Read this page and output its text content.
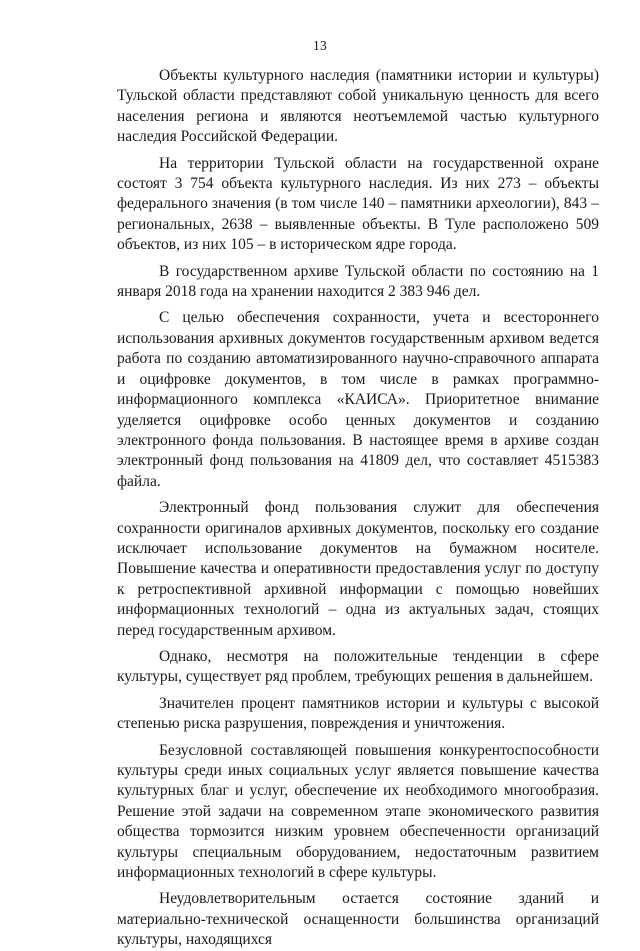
13

Объекты культурного наследия (памятники истории и культуры) Тульской области представляют собой уникальную ценность для всего населения региона и являются неотъемлемой частью культурного наследия Российской Федерации.

На территории Тульской области на государственной охране состоят 3 754 объекта культурного наследия. Из них 273 – объекты федерального значения (в том числе 140 – памятники археологии), 843 – региональных, 2638 – выявленные объекты. В Туле расположено 509 объектов, из них 105 – в историческом ядре города.

В государственном архиве Тульской области по состоянию на 1 января 2018 года на хранении находится 2 383 946 дел.

С целью обеспечения сохранности, учета и всестороннего использования архивных документов государственным архивом ведется работа по созданию автоматизированного научно-справочного аппарата и оцифровке документов, в том числе в рамках программно-информационного комплекса «КАИСА». Приоритетное внимание уделяется оцифровке особо ценных документов и созданию электронного фонда пользования. В настоящее время в архиве создан электронный фонд пользования на 41809 дел, что составляет 4515383 файла.

Электронный фонд пользования служит для обеспечения сохранности оригиналов архивных документов, поскольку его создание исключает использование документов на бумажном носителе. Повышение качества и оперативности предоставления услуг по доступу к ретроспективной архивной информации с помощью новейших информационных технологий – одна из актуальных задач, стоящих перед государственным архивом.

Однако, несмотря на положительные тенденции в сфере культуры, существует ряд проблем, требующих решения в дальнейшем.

Значителен процент памятников истории и культуры с высокой степенью риска разрушения, повреждения и уничтожения.

Безусловной составляющей повышения конкурентоспособности культуры среди иных социальных услуг является повышение качества культурных благ и услуг, обеспечение их необходимого многообразия. Решение этой задачи на современном этапе экономического развития общества тормозится низким уровнем обеспеченности организаций культуры специальным оборудованием, недостаточным развитием информационных технологий в сфере культуры.

Неудовлетворительным остается состояние зданий и материально-технической оснащенности большинства организаций культуры, находящихся
